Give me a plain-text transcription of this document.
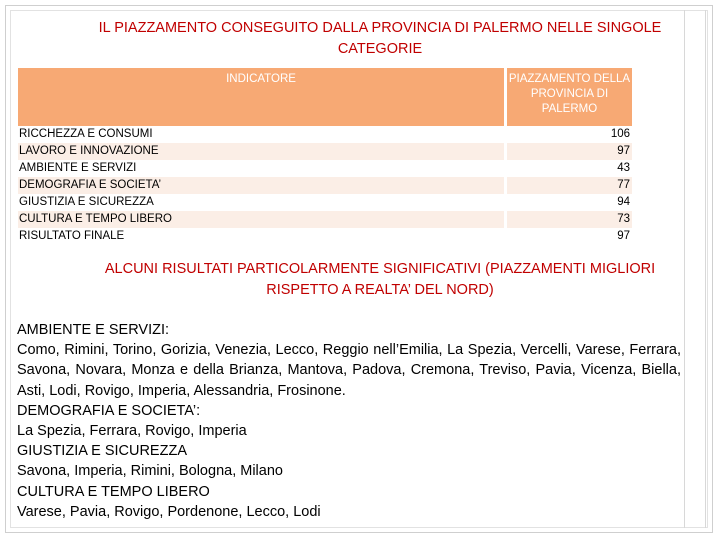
IL PIAZZAMENTO CONSEGUITO DALLA PROVINCIA DI PALERMO NELLE SINGOLE CATEGORIE
INDICATORE	PIAZZAMENTO DELLA PROVINCIA DI PALERMO
RICCHEZZA E CONSUMI	106
LAVORO E INNOVAZIONE	97
AMBIENTE E SERVIZI	43
DEMOGRAFIA E SOCIETA’	77
GIUSTIZIA E SICUREZZA	94
CULTURA E TEMPO LIBERO	73
RISULTATO FINALE	97
ALCUNI RISULTATI PARTICOLARMENTE SIGNIFICATIVI (PIAZZAMENTI MIGLIORI RISPETTO A REALTA’ DEL NORD)

AMBIENTE E SERVIZI:

Como, Rimini, Torino, Gorizia, Venezia, Lecco, Reggio nell’Emilia, La Spezia, Vercelli, Varese, Ferrara, Savona, Novara, Monza e della Brianza, Mantova, Padova, Cremona, Treviso, Pavia, Vicenza, Biella, Asti, Lodi, Rovigo, Imperia, Alessandria, Frosinone.

DEMOGRAFIA E SOCIETA’:

La Spezia, Ferrara, Rovigo, Imperia

GIUSTIZIA E SICUREZZA

Savona, Imperia, Rimini, Bologna, Milano

CULTURA E TEMPO LIBERO

Varese, Pavia, Rovigo, Pordenone, Lecco, Lodi
